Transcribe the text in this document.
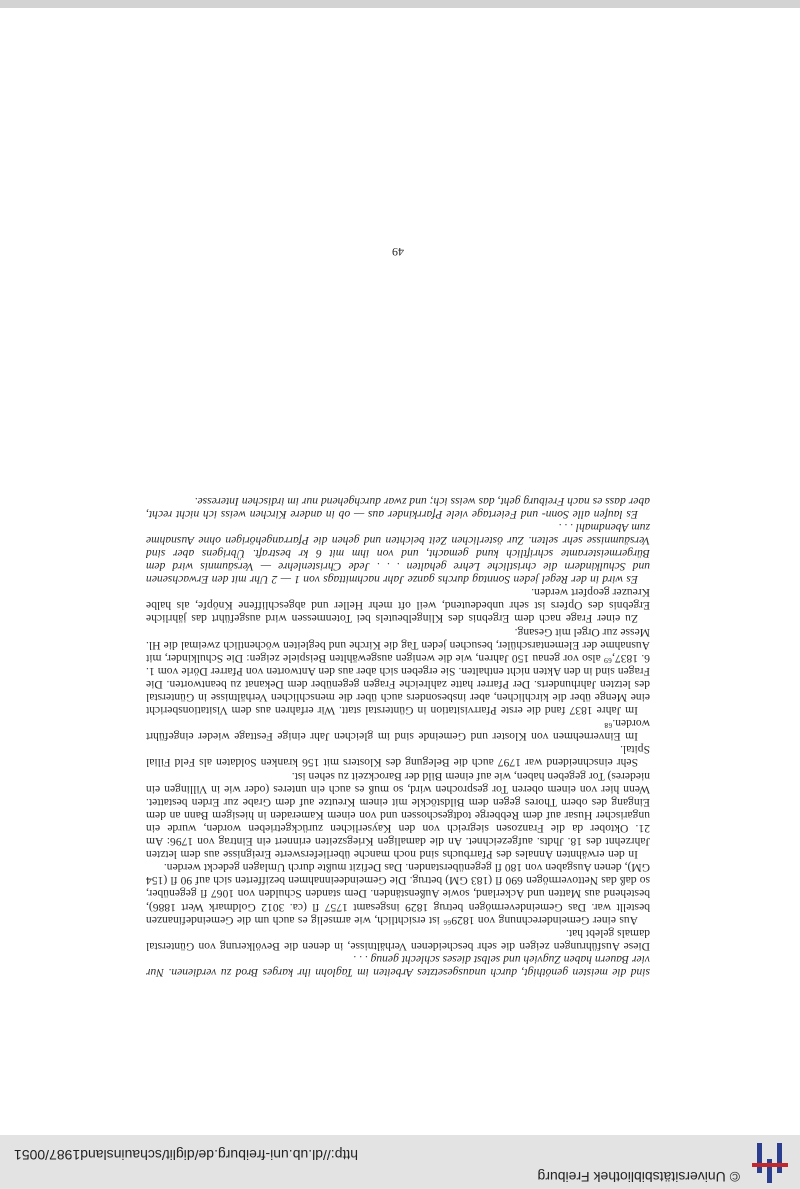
© Universitätsbibliothek Freiburg
http://dl.ub.uni-freiburg.de/diglit/schauinsland1987/0051

sind die meisten genöthigt, durch unausgesetztes Arbeiten im Taglohn ihr karges Brod zu verdienen. Nur vier Bauern haben Zugvieh und selbst dieses schlecht genug . . .

Diese Ausführungen zeigen die sehr bescheidenen Verhältnisse, in denen die Bevölkerung von Günterstal damals gelebt hat.

Aus einer Gemeinderechnung von 1829⁶⁶ ist ersichtlich, wie armselig es auch um die Gemeindefinanzen bestellt war. Das Gemeindevermögen betrug 1829 insgesamt 1757 fl (ca. 3012 Goldmark Wert 1886), bestehend aus Matten und Ackerland, sowie Außenständen. Dem standen Schulden von 1067 fl gegenüber, so daß das Nettovermögen 690 fl (183 GM) betrug. Die Gemeindeeinnahmen bezifferten sich auf 90 fl (154 GM), denen Ausgaben von 180 fl gegenüberstanden. Das Defizit mußte durch Umlagen gedeckt werden.

In den erwähnten Annales des Pfarrbuchs sind noch manche überlieferswerte Ereignisse aus dem letzten Jahrzehnt des 18. Jhdts. aufgezeichnet. An die damaligen Kriegszeiten erinnert ein Eintrag von 1796: Am 21. Oktober da die Franzosen siegreich von den Kayserlichen zurückgetrieben worden, wurde ein ungarischer Husar auf dem Rebberge todtgeschossen und von einem Kameraden in hiesigem Bann an dem Eingang des obern Thores gegen dem Bildstöckle mit einem Kreutze auf dem Grabe zur Erden bestattet. Wenn hier von einem oberen Tor gesprochen wird, so muß es auch ein unteres (oder wie in Villingen ein niederes) Tor gegeben haben, wie auf einem Bild der Barockzeit zu sehen ist.

Sehr einschneidend war 1797 auch die Belegung des Klosters mit 156 kranken Soldaten als Feld Filial Spital.

Im Einvernehmen von Kloster und Gemeinde sind im gleichen Jahr einige Festtage wieder eingeführt worden.⁶⁸

Im Jahre 1837 fand die erste Pfarrvisitation in Günterstal statt. Wir erfahren aus dem Visitationsbericht eine Menge über die kirchlichen, aber insbesonders auch über die menschlichen Verhältnisse in Günterstal des letzten Jahrhunderts. Der Pfarrer hatte zahlreiche Fragen gegenüber dem Dekanat zu beantworten. Die Fragen sind in den Akten nicht enthalten. Sie ergeben sich aber aus den Antworten von Pfarrer Dörle vom 1. 6. 1837,⁶⁹ also vor genau 150 Jahren, wie die wenigen ausgewählten Beispiele zeigen: Die Schulkinder, mit Ausnahme der Elementarschüler, besuchen jeden Tag die Kirche und begleiten wöchentlich zweimal die Hl. Messe zur Orgel mit Gesang.

Zu einer Frage nach dem Ergebnis des Klingelbeutels bei Totenmessen wird ausgeführt das jährliche Ergebnis des Opfers ist sehr unbedeutend, weil oft mehr Heller und abgeschliffene Knöpfe, als halbe Kreuzer geopfert werden.

Es wird in der Regel jeden Sonntag durchs ganze Jahr nachmittags von 1 — 2 Uhr mit den Erwachsenen und Schulkindern die christliche Lehre gehalten . . . Jede Christenlehre — Versäumnis wird dem Bürgermeisteramte schriftlich kund gemacht, und von ihm mit 6 kr bestraft. Übrigens aber sind Versäumnisse sehr selten. Zur österlichen Zeit beichten und gehen die Pfarrangehörigen ohne Ausnahme zum Abendmahl . . .

Es laufen alle Sonn- und Feiertage viele Pfarrkinder aus — ob in andere Kirchen weiss ich nicht recht, aber dass es nach Freiburg geht, das weiss ich; und zwar durchgehend nur im irdischen Interesse.

49
